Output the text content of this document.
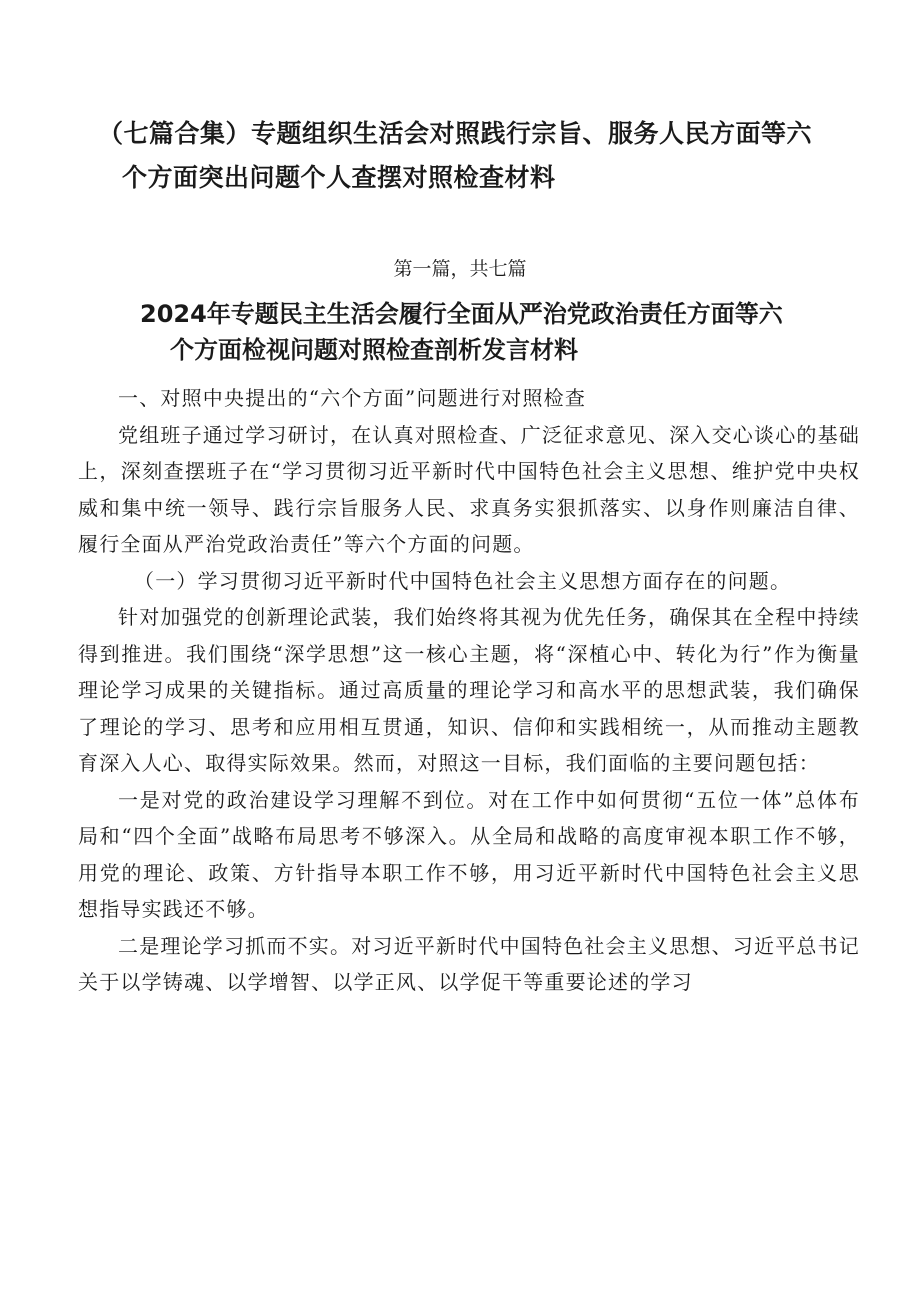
（七篇合集）专题组织生活会对照践行宗旨、服务人民方面等六
个方面突出问题个人查摆对照检查材料
第一篇，共七篇
2024年专题民主生活会履行全面从严治党政治责任方面等六
个方面检视问题对照检查剖析发言材料

一、对照中央提出的“六个方面”问题进行对照检查

党组班子通过学习研讨，在认真对照检查、广泛征求意见、深入交心谈心的基础上，深刻查摆班子在“学习贯彻习近平新时代中国特色社会主义思想、维护党中央权威和集中统一领导、践行宗旨服务人民、求真务实狠抓落实、以身作则廉洁自律、履行全面从严治党政治责任”等六个方面的问题。

（一）学习贯彻习近平新时代中国特色社会主义思想方面存在的问题。

针对加强党的创新理论武装，我们始终将其视为优先任务，确保其在全程中持续得到推进。我们围绕“深学思想”这一核心主题，将“深植心中、转化为行”作为衡量理论学习成果的关键指标。通过高质量的理论学习和高水平的思想武装，我们确保了理论的学习、思考和应用相互贯通，知识、信仰和实践相统一，从而推动主题教育深入人心、取得实际效果。然而，对照这一目标，我们面临的主要问题包括：

一是对党的政治建设学习理解不到位。对在工作中如何贯彻“五位一体”总体布局和“四个全面”战略布局思考不够深入。从全局和战略的高度审视本职工作不够，用党的理论、政策、方针指导本职工作不够，用习近平新时代中国特色社会主义思想指导实践还不够。

二是理论学习抓而不实。对习近平新时代中国特色社会主义思想、习近平总书记关于以学铸魂、以学增智、以学正风、以学促干等重要论述的学习
